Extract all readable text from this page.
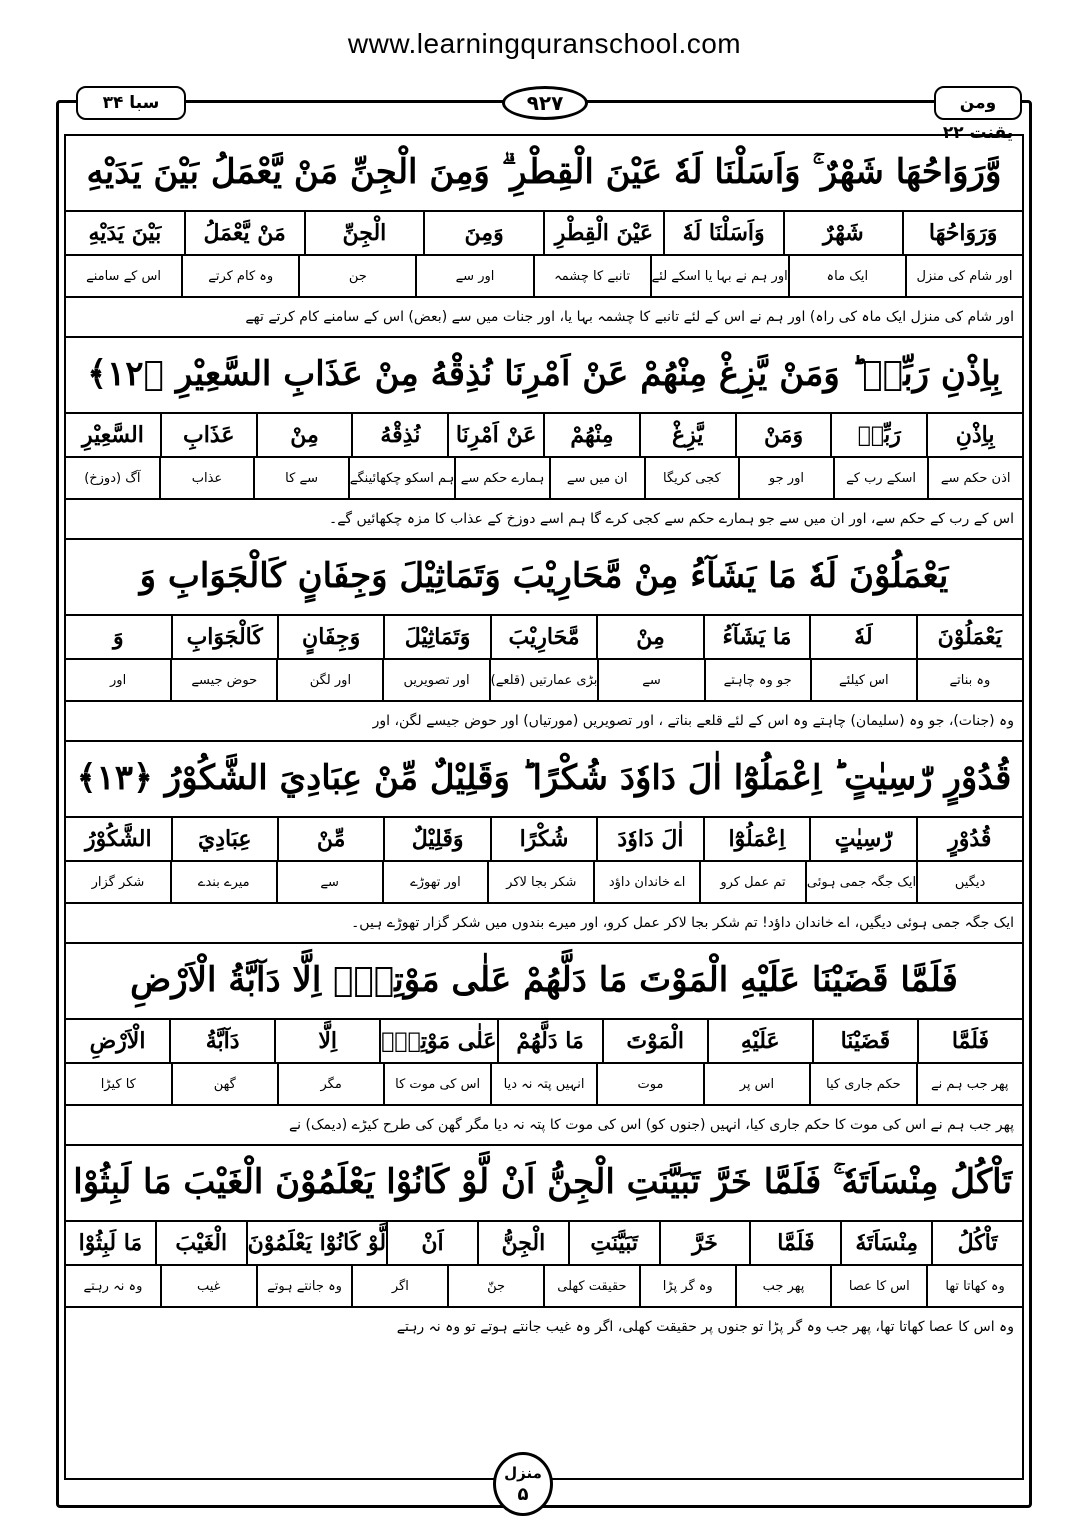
www.learningquranschool.com
سبا ۳۴	۹۲۷	ومن یقنت ۲۲
وَّرَوَاحُهَا شَهْرٌ ۚ وَاَسَلْنَا لَهٗ عَيْنَ الْقِطْرِ ۗ وَمِنَ الْجِنِّ مَنْ يَّعْمَلُ بَيْنَ يَدَيْهِ
وَرَوَاحُهَا
شَهْرٌ
وَاَسَلْنَا لَهٗ
عَيْنَ الْقِطْرِ
وَمِنَ
الْجِنِّ
مَنْ يَّعْمَلُ
بَيْنَ يَدَيْهِ
اور شام کی منزل
ایک ماہ
اور ہم نے بہا یا اسکے لئے
تانبے کا چشمہ
اور سے
جن
وہ کام کرتے
اس کے سامنے
اور شام کی منزل ایک ماہ کی راہ) اور ہم نے اس کے لئے تانبے کا چشمہ بہا یا، اور جنات میں سے (بعض) اس کے سامنے کام کرتے تھے
بِاِذْنِ رَبِّهٖ ؕ وَمَنْ يَّزِغْ مِنْهُمْ عَنْ اَمْرِنَا نُذِقْهُ مِنْ عَذَابِ السَّعِيْرِ ﴿۱۲﴾
بِاِذْنِ
رَبِّهٖ
وَمَنْ
يَّزِغْ
مِنْهُمْ
عَنْ اَمْرِنَا
نُذِقْهُ
مِنْ
عَذَابِ
السَّعِيْرِ
اذن حکم سے
اسکے رب کے
اور جو
کجی کریگا
ان میں سے
ہمارے حکم سے
ہم اسکو چکھائینگے
سے کا
عذاب
آگ (دوزخ)
اس کے رب کے حکم سے، اور ان میں سے جو ہمارے حکم سے کجی کرے گا ہم اسے دوزخ کے عذاب کا مزہ چکھائیں گے۔
يَعْمَلُوْنَ لَهٗ مَا يَشَآءُ مِنْ مَّحَارِيْبَ وَتَمَاثِيْلَ وَجِفَانٍ كَالْجَوَابِ وَ
يَعْمَلُوْنَ
لَهٗ
مَا يَشَآءُ
مِنْ
مَّحَارِيْبَ
وَتَمَاثِيْلَ
وَجِفَانٍ
كَالْجَوَابِ
وَ
وہ بناتے
اس کیلئے
جو وہ چاہتے
سے
بڑی عمارتیں (قلعے)
اور تصویریں
اور لگن
حوض جیسے
اور
وہ (جنات)، جو وہ (سلیمان) چاہتے وہ اس کے لئے قلعے بناتے ، اور تصویریں (مورتیاں) اور حوض جیسے لگن، اور
قُدُوْرٍ رّٰسِيٰتٍ ؕ اِعْمَلُوْٓا اٰلَ دَاوٗدَ شُكْرًا ؕ وَقَلِيْلٌ مِّنْ عِبَادِيَ الشَّكُوْرُ ﴿۱۳﴾
قُدُوْرٍ
رّٰسِيٰتٍ
اِعْمَلُوْٓا
اٰلَ دَاوٗدَ
شُكْرًا
وَقَلِيْلٌ
مِّنْ
عِبَادِيَ
الشَّكُوْرُ
دیگیں
ایک جگہ جمی ہوئی
تم عمل کرو
اے خاندان داؤد
شکر بجا لاکر
اور تھوڑے
سے
میرے بندے
شکر گزار
ایک جگہ جمی ہوئی دیگیں، اے خاندان داؤد! تم شکر بجا لاکر عمل کرو، اور میرے بندوں میں شکر گزار تھوڑے ہیں۔
فَلَمَّا قَضَيْنَا عَلَيْهِ الْمَوْتَ مَا دَلَّهُمْ عَلٰى مَوْتِهٖٓ اِلَّا دَآبَّةُ الْاَرْضِ
فَلَمَّا
قَضَيْنَا
عَلَيْهِ
الْمَوْتَ
مَا دَلَّهُمْ
عَلٰى مَوْتِهٖٓ
اِلَّا
دَآبَّةُ
الْاَرْضِ
پھر جب ہم نے
حکم جاری کیا
اس پر
موت
انہیں پتہ نہ دیا
اس کی موت کا
مگر
گھن
کا کیڑا
پھر جب ہم نے اس کی موت کا حکم جاری کیا، انہیں (جنوں کو) اس کی موت کا پتہ نہ دیا مگر گھن کی طرح کیڑے (دیمک) نے
تَاْكُلُ مِنْسَاَتَهٗ ۚ فَلَمَّا خَرَّ تَبَيَّنَتِ الْجِنُّ اَنْ لَّوْ كَانُوْا يَعْلَمُوْنَ الْغَيْبَ مَا لَبِثُوْا
تَاْكُلُ
مِنْسَاَتَهٗ
فَلَمَّا
خَرَّ
تَبَيَّنَتِ
الْجِنُّ
اَنْ
لَّوْ كَانُوْا يَعْلَمُوْنَ
الْغَيْبَ
مَا لَبِثُوْا
وہ کھاتا تھا
اس کا عصا
پھر جب
وہ گر پڑا
حقیقت کھلی
جنّ
اگر
وہ جانتے ہوتے
غیب
وہ نہ رہتے
وہ اس کا عصا کھاتا تھا، پھر جب وہ گر پڑا تو جنوں پر حقیقت کھلی، اگر وہ غیب جانتے ہوتے تو وہ نہ رہتے
منزل
۵
